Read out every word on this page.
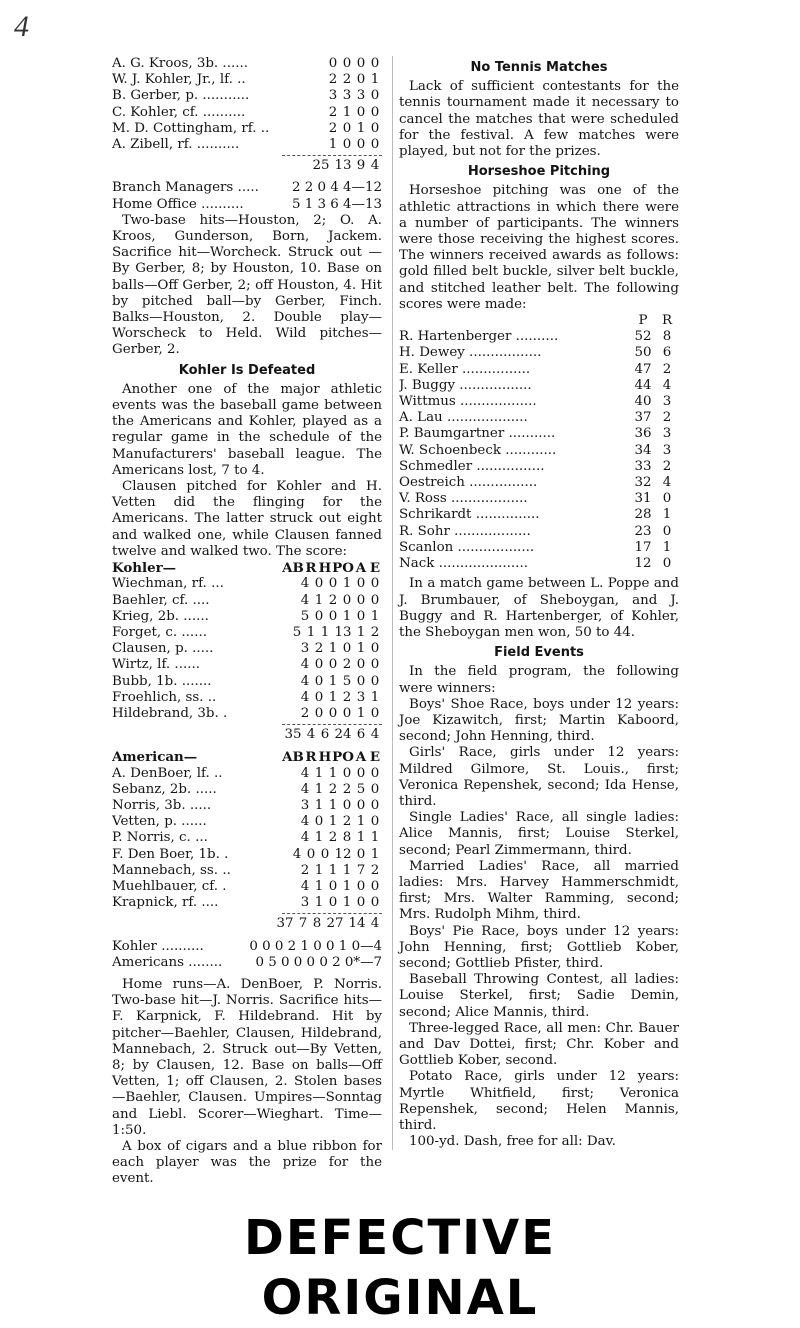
4
A. G. Kroos, 3b. ......	0 0 0 0
W. J. Kohler, Jr., lf. ..	2 2 0 1
B. Gerber, p. ...........	3 3 3 0
C. Kohler, cf. ..........	2 1 0 0
M. D. Cottingham, rf. ..	2 0 1 0
A. Zibell, rf. ..........	1 0 0 0
25 13 9 4
Branch Managers ..... 2 2 0 4 4—12
Home Office ..........	5 1 3 6 4—13

Two-base hits—Houston, 2; O. A. Kroos, Gunderson, Born, Jackem. Sacrifice hit—Worcheck. Struck out —By Gerber, 8; by Houston, 10. Base on balls—Off Gerber, 2; off Houston, 4. Hit by pitched ball—by Gerber, Finch. Balks—Houston, 2. Double play—Worscheck to Held. Wild pitches—Gerber, 2.

Kohler Is Defeated

Another one of the major athletic events was the baseball game between the Americans and Kohler, played as a regular game in the schedule of the Manufacturers' baseball league. The Americans lost, 7 to 4.

Clausen pitched for Kohler and H. Vetten did the flinging for the Americans. The latter struck out eight and walked one, while Clausen fanned twelve and walked two. The score:

Kohler—	AB R H PO A E
Wiechman, rf. ...	4 0 0 1 0 0
Baehler, cf. ....	4 1 2 0 0 0
Krieg, 2b. ......	5 0 0 1 0 1
Forget, c. ......	5 1 1 13 1 2
Clausen, p. .....	3 2 1 0 1 0
Wirtz, lf. ......	4 0 0 2 0 0
Bubb, 1b. .......	4 0 1 5 0 0
Froehlich, ss. ..	4 0 1 2 3 1
Hildebrand, 3b. .	2 0 0 0 1 0
35 4 6 24 6 4
American—	AB R H PO A E
A. DenBoer, lf. ..	4 1 1 0 0 0
Sebanz, 2b. .....	4 1 2 2 5 0
Norris, 3b. .....	3 1 1 0 0 0
Vetten, p. ......	4 0 1 2 1 0
P. Norris, c. ...	4 1 2 8 1 1
F. Den Boer, 1b. .	4 0 0 12 0 1
Mannebach, ss. ..	2 1 1 1 7 2
Muehlbauer, cf. .	4 1 0 1 0 0
Krapnick, rf. ....	3 1 0 1 0 0
37 7 8 27 14 4
Kohler ..........	0 0 0 2 1 0 0 1 0—4
Americans ........ 0 5 0 0 0 0 2 0*—7

Home runs—A. DenBoer, P. Norris. Two-base hit—J. Norris. Sacrifice hits—F. Karpnick, F. Hildebrand. Hit by pitcher—Baehler, Clausen, Hildebrand, Mannebach, 2. Struck out—By Vetten, 8; by Clausen, 12. Base on balls—Off Vetten, 1; off Clausen, 2. Stolen bases —Baehler, Clausen. Umpires—Sonntag and Liebl. Scorer—Wieghart. Time—1:50.

A box of cigars and a blue ribbon for each player was the prize for the event.

No Tennis Matches

Lack of sufficient contestants for the tennis tournament made it necessary to cancel the matches that were scheduled for the festival. A few matches were played, but not for the prizes.

Horseshoe Pitching

Horseshoe pitching was one of the athletic attractions in which there were a number of participants. The winners were those receiving the highest scores. The winners received awards as follows: gold filled belt buckle, silver belt buckle, and stitched leather belt. The following scores were made:

P	R
R. Hartenberger ..........	52 8
H. Dewey .................	50 6
E. Keller ................	47 2
J. Buggy .................	44 4
Wittmus ..................	40 3
A. Lau ...................	37 2
P. Baumgartner ...........	36 3
W. Schoenbeck ............	34 3
Schmedler ................	33 2
Oestreich ................	32 4
V. Ross ..................	31 0
Schrikardt ...............	28 1
R. Sohr ..................	23 0
Scanlon ..................	17 1
Nack .....................	12 0

In a match game between L. Poppe and J. Brumbauer, of Sheboygan, and J. Buggy and R. Hartenberger, of Kohler, the Sheboygan men won, 50 to 44.

Field Events

In the field program, the following were winners:

Boys' Shoe Race, boys under 12 years: Joe Kizawitch, first; Martin Kaboord, second; John Henning, third.

Girls' Race, girls under 12 years: Mildred Gilmore, St. Louis., first; Veronica Repenshek, second; Ida Hense, third.

Single Ladies' Race, all single ladies: Alice Mannis, first; Louise Sterkel, second; Pearl Zimmermann, third.

Married Ladies' Race, all married ladies: Mrs. Harvey Hammerschmidt, first; Mrs. Walter Ramming, second; Mrs. Rudolph Mihm, third.

Boys' Pie Race, boys under 12 years: John Henning, first; Gottlieb Kober, second; Gottlieb Pfister, third.

Baseball Throwing Contest, all ladies: Louise Sterkel, first; Sadie Demin, second; Alice Mannis, third.

Three-legged Race, all men: Chr. Bauer and Dav Dottei, first; Chr. Kober and Gottlieb Kober, second.

Potato Race, girls under 12 years: Myrtle Whitfield, first; Veronica Repenshek, second; Helen Mannis, third.

100-yd. Dash, free for all: Dav.

DEFECTIVE ORIGINAL
